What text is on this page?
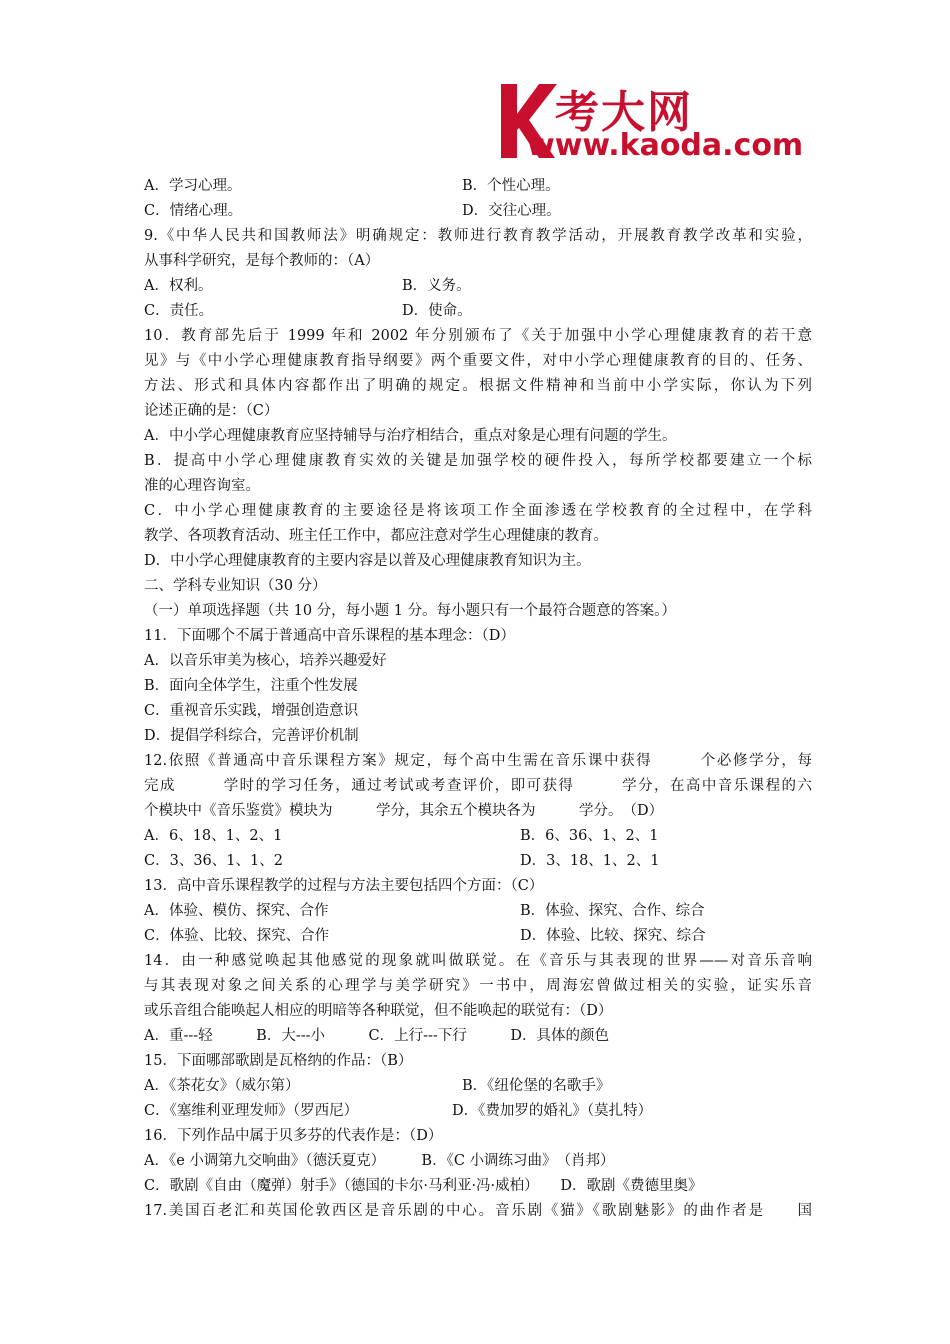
考大网
www.kaoda.com
A．学习心理。	B．个性心理。
C．情绪心理。	D．交往心理。
9.《中华人民共和国教师法》明确规定：教师进行教育教学活动，开展教育教学改革和实验，
从事科学研究，是每个教师的：（A）
A．权利。	B．义务。
C．责任。	D．使命。
10．教育部先后于 1999 年和 2002 年分别颁布了《关于加强中小学心理健康教育的若干意
见》与《中小学心理健康教育指导纲要》两个重要文件，对中小学心理健康教育的目的、任务、
方法、形式和具体内容都作出了明确的规定。根据文件精神和当前中小学实际，你认为下列
论述正确的是：（C）
A．中小学心理健康教育应坚持辅导与治疗相结合，重点对象是心理有问题的学生。
B．提高中小学心理健康教育实效的关键是加强学校的硬件投入，每所学校都要建立一个标
准的心理咨询室。
C．中小学心理健康教育的主要途径是将该项工作全面渗透在学校教育的全过程中，在学科
教学、各项教育活动、班主任工作中，都应注意对学生心理健康的教育。
D．中小学心理健康教育的主要内容是以普及心理健康教育知识为主。
二、学科专业知识（30 分）
（一）单项选择题（共 10 分，每小题 1 分。每小题只有一个最符合题意的答案。）
11．下面哪个不属于普通高中音乐课程的基本理念：（D）
A．以音乐审美为核心，培养兴趣爱好
B．面向全体学生，注重个性发展
C．重视音乐实践，增强创造意识
D．提倡学科综合，完善评价机制
12.依照《普通高中音乐课程方案》规定，每个高中生需在音乐课中获得　　　个必修学分，每
完成　　　学时的学习任务，通过考试或考查评价，即可获得　　　学分，在高中音乐课程的六
个模块中《音乐鉴赏》模块为　　　学分，其余五个模块各为　　　学分。　（D）
A．6、18、1、2、1	B．6、36、1、2、1
C．3、36、1、1、2	D．3、18、1、2、1
13．高中音乐课程教学的过程与方法主要包括四个方面：（C）
A．体验、模仿、探究、合作	B．体验、探究、合作、综合
C．体验、比较、探究、合作	D．体验、比较、探究、综合
14．由一种感觉唤起其他感觉的现象就叫做联觉。在《音乐与其表现的世界——对音乐音响
与其表现对象之间关系的心理学与美学研究》一书中，周海宏曾做过相关的实验，证实乐音
或乐音组合能唤起人相应的明暗等各种联觉，但不能唤起的联觉有：（D）
A．重---轻　　　B．大---小　　　C．上行---下行　　　D．具体的颜色
15．下面哪部歌剧是瓦格纳的作品：（B）
A．《茶花女》（威尔第）	B．《纽伦堡的名歌手》
C．《塞维利亚理发师》（罗西尼）	D．《费加罗的婚礼》（莫扎特）
16．下列作品中属于贝多芬的代表作是：（D）
A．《e 小调第九交响曲》（德沃夏克）　　　B．《C 小调练习曲》　（肖邦）
C．歌剧《自由（魔弹）射手》（德国的卡尔·马利亚·冯·威柏）　　D．歌剧《费德里奥》
17.美国百老汇和英国伦敦西区是音乐剧的中心。音乐剧《猫》《歌剧魅影》的曲作者是　　国
